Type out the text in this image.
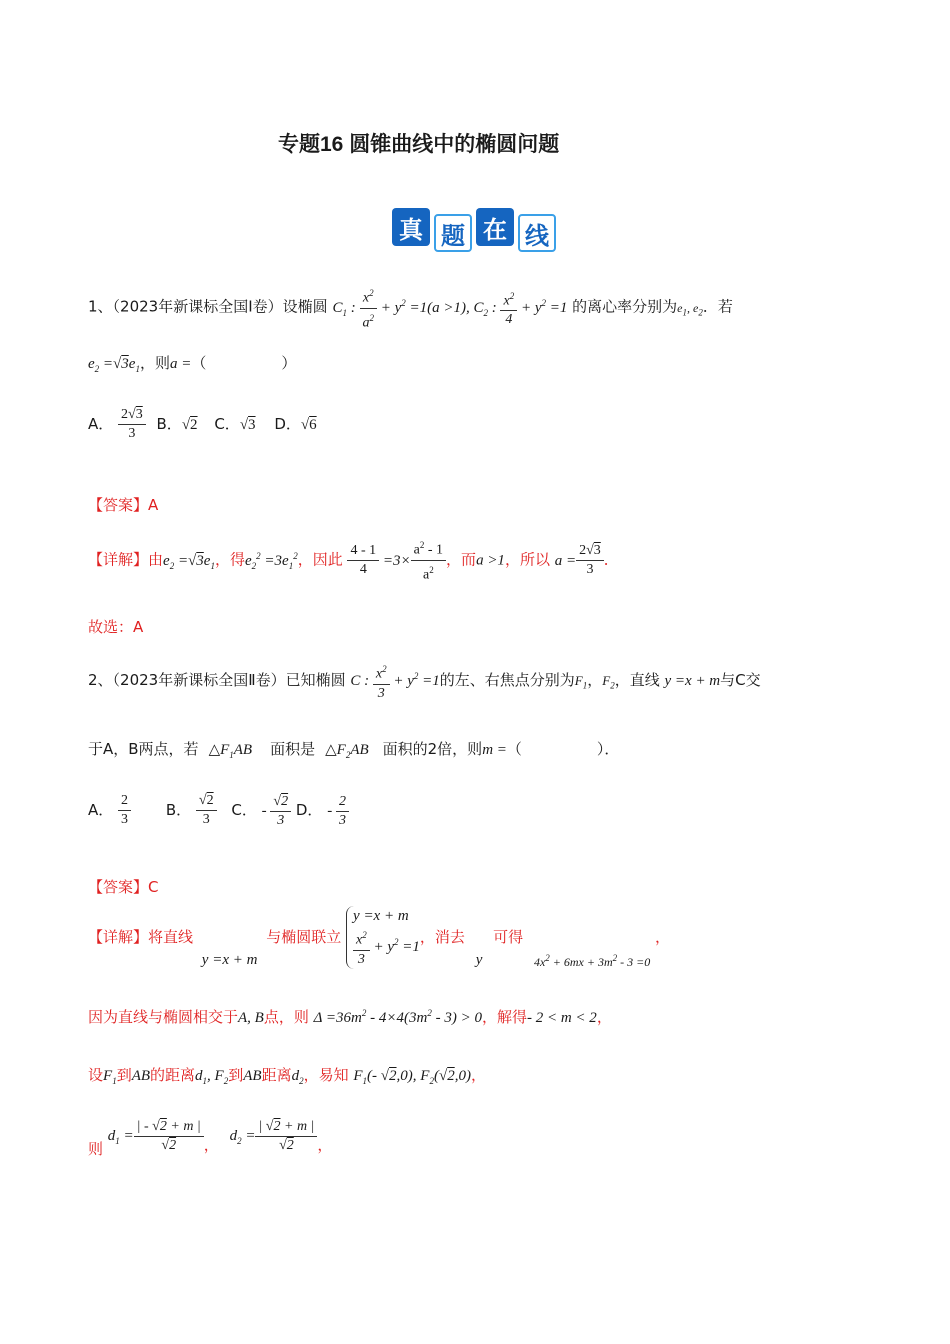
专题16 圆锥曲线中的椭圆问题
真 题 在 线
1、（2023年新课标全国Ⅰ卷）设椭圆 $C_1$ : $\frac{x^2}{a^2} + y^2 =1(a >1)$, $C_2$ : $\frac{x^2}{4} + y^2 =1$ 的离心率分别为$e_1$, $e_2$．若
$e_2 =√3e_1$，则a =（　　　　　）
A． $\frac{2√3}{3}$ B．√2 C．√3 D．√6
【答案】A
【详解】由$e_2 =√3e_1$，得$e_2^2 =3e_1^2$，因此 $\frac{4 - 1}{4} =3\times \frac{a^2 - 1}{a^2}$ ，而a >1，所以 $a = \frac{2√3}{3}$ ．
故选：A
2、（2023年新课标全国Ⅱ卷）已知椭圆 C : $\frac{x^2}{3} + y^2 =1$的左、右焦点分别为$F_1$，$F_2$，直线 y =x + m与C交
于A，B两点，若 $\triangle F_1AB$ 面积是 $\triangle F_2AB$ 面积的2倍，则m =（　　　　　）．
A． $\frac{2}{3}$ B． $\frac{√2}{3}$ C． - $\frac{√2}{3}$ D． - $\frac{2}{3}$
【答案】C
【详解】将直线 y =x + m 与椭圆联立
y =x + m
$\frac{x^2}{3} + y^2 =1$
，消去 y 可得 $_{4x^2 + 6mx + 3m^2 - 3 =0}$ ，
因为直线与椭圆相交于A, B点，则 $\Delta =36m^2 - 4\times 4(3m^2 - 3) > 0$，解得- 2 < m < 2，
设$F_1$到AB的距离$d_1$, $F_2$到AB距离$d_2$，易知 $F_1(-$ √2,0), $F_2(√2,0)$，
则 $d_1 = \frac{| - √2 + m |}{√2}$ ， $d_2 = \frac{| √2 + m |}{√2}$ ，
